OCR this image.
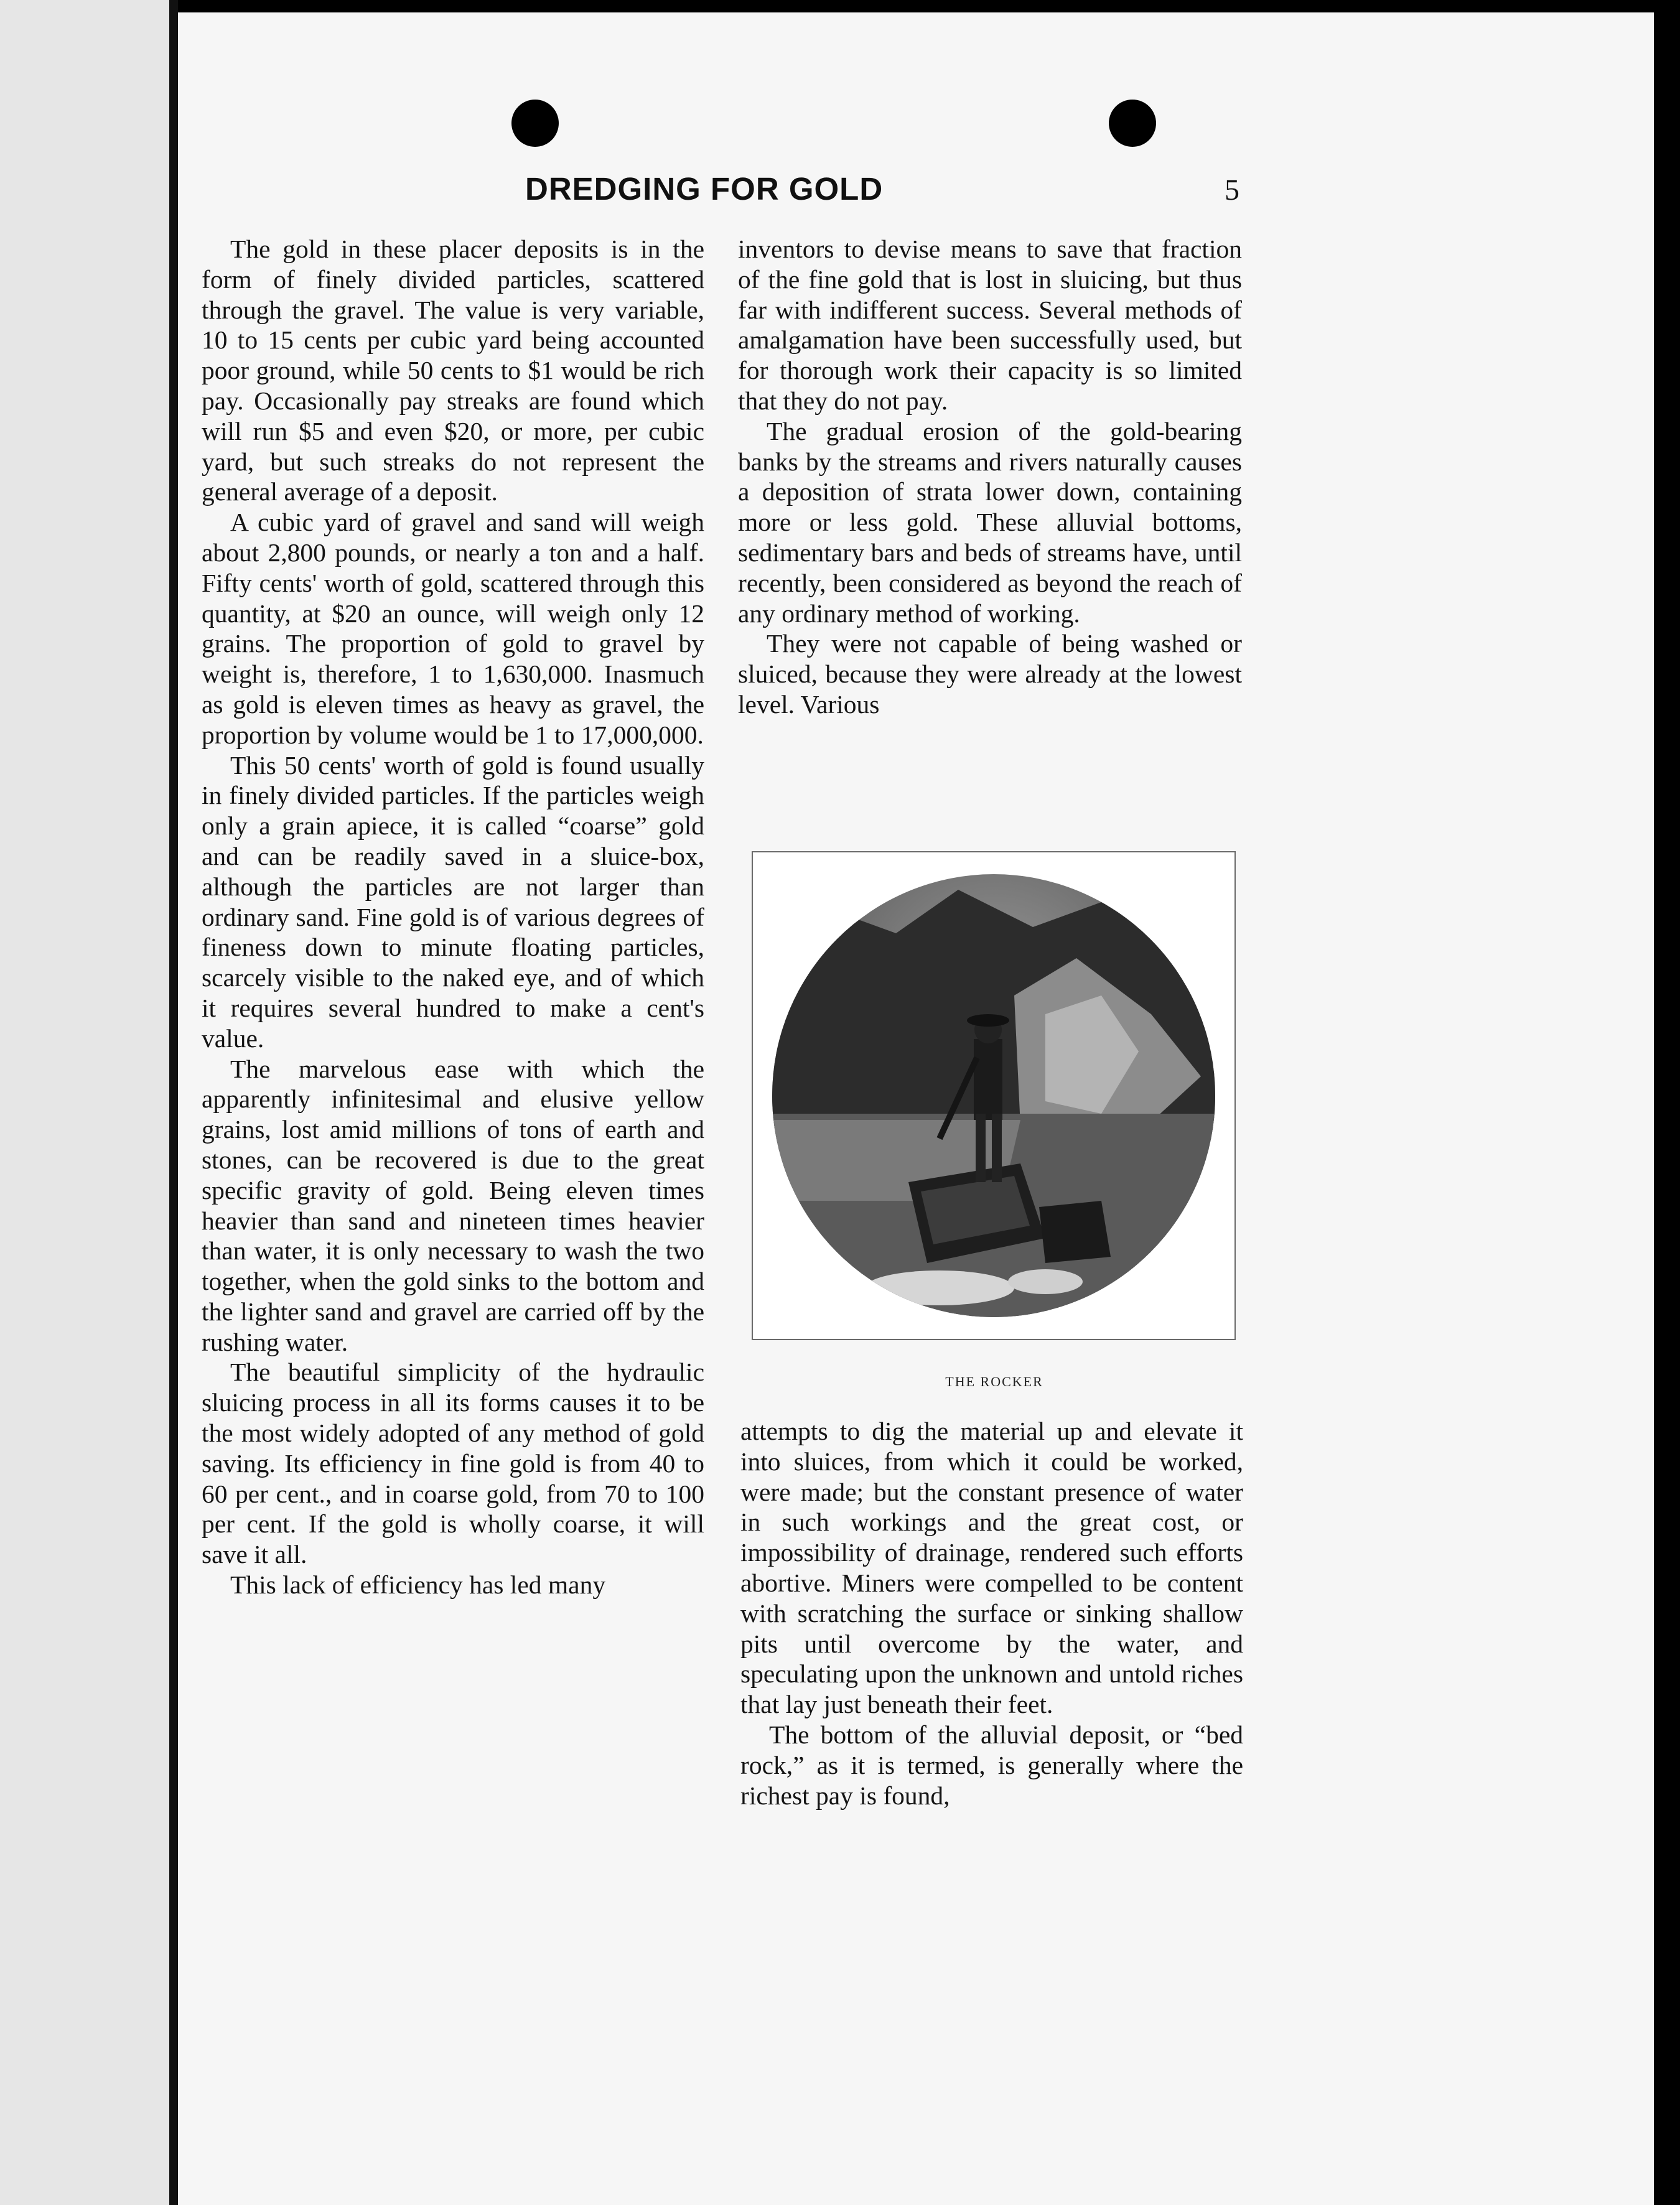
DREDGING FOR GOLD	5

The gold in these placer deposits is in the form of finely divided particles, scattered through the gravel. The value is very variable, 10 to 15 cents per cubic yard being accounted poor ground, while 50 cents to $1 would be rich pay. Occasionally pay streaks are found which will run $5 and even $20, or more, per cubic yard, but such streaks do not represent the general average of a deposit.

A cubic yard of gravel and sand will weigh about 2,800 pounds, or nearly a ton and a half. Fifty cents' worth of gold, scattered through this quantity, at $20 an ounce, will weigh only 12 grains. The proportion of gold to gravel by weight is, therefore, 1 to 1,630,000. Inasmuch as gold is eleven times as heavy as gravel, the proportion by volume would be 1 to 17,000,000.

This 50 cents' worth of gold is found usually in finely divided particles. If the particles weigh only a grain apiece, it is called “coarse” gold and can be readily saved in a sluice-box, although the particles are not larger than ordinary sand. Fine gold is of various degrees of fineness down to minute floating particles, scarcely visible to the naked eye, and of which it requires several hundred to make a cent's value.

The marvelous ease with which the apparently infinitesimal and elusive yellow grains, lost amid millions of tons of earth and stones, can be recovered is due to the great specific gravity of gold. Being eleven times heavier than sand and nineteen times heavier than water, it is only necessary to wash the two together, when the gold sinks to the bottom and the lighter sand and gravel are carried off by the rushing water.

The beautiful simplicity of the hydraulic sluicing process in all its forms causes it to be the most widely adopted of any method of gold saving. Its efficiency in fine gold is from 40 to 60 per cent., and in coarse gold, from 70 to 100 per cent. If the gold is wholly coarse, it will save it all.

This lack of efficiency has led many

inventors to devise means to save that fraction of the fine gold that is lost in sluicing, but thus far with indifferent success. Several methods of amalgamation have been successfully used, but for thorough work their capacity is so limited that they do not pay.

The gradual erosion of the gold-bearing banks by the streams and rivers naturally causes a deposition of strata lower down, containing more or less gold. These alluvial bottoms, sedimentary bars and beds of streams have, until recently, been considered as beyond the reach of any ordinary method of working.

They were not capable of being washed or sluiced, because they were already at the lowest level. Various

THE ROCKER

attempts to dig the material up and elevate it into sluices, from which it could be worked, were made; but the constant presence of water in such workings and the great cost, or impossibility of drainage, rendered such efforts abortive. Miners were compelled to be content with scratching the surface or sinking shallow pits until overcome by the water, and speculating upon the unknown and untold riches that lay just beneath their feet.

The bottom of the alluvial deposit, or “bed rock,” as it is termed, is generally where the richest pay is found,
